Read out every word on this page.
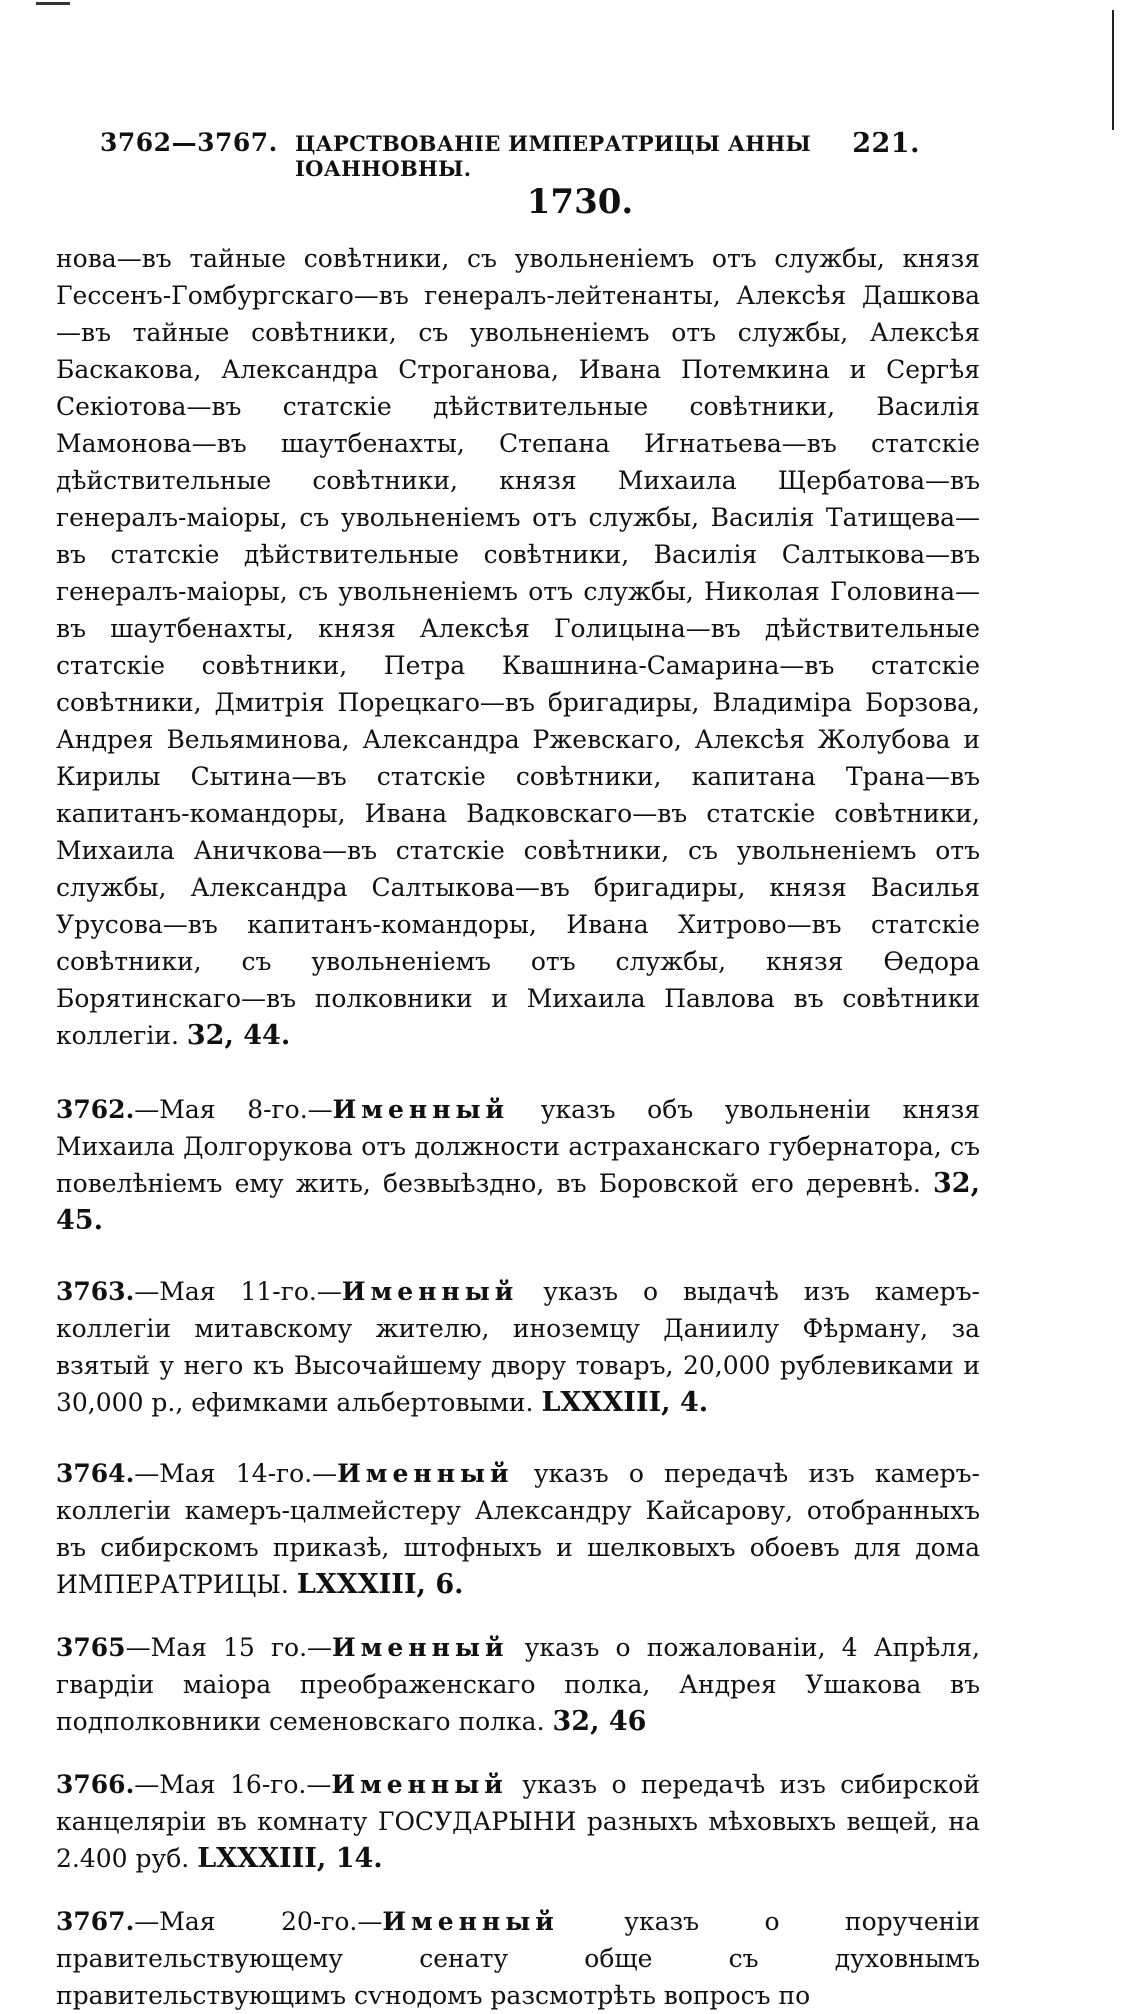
3762—3767. ЦАРСТВОВАНІЕ ИМПЕРАТРИЦЫ АННЫ ІОАННОВНЫ.
221.
1730.

нова—въ тайные совѣтники, съ увольненіемъ отъ службы, князя Гессенъ-Гомбургскаго—въ генералъ-лейтенанты, Алексѣя Дашкова—въ тайные совѣтники, съ увольненіемъ отъ службы, Алексѣя Баскакова, Александра Строганова, Ивана Потемкина и Сергѣя Секіотова—въ статскіе дѣйствительные совѣтники, Василія Мамонова—въ шаутбенахты, Степана Игнатьева—въ статскіе дѣйствительные совѣтники, князя Михаила Щербатова—въ генералъ-маіоры, съ увольненіемъ отъ службы, Василія Татищева—въ статскіе дѣйствительные совѣтники, Василія Салтыкова—въ генералъ-маіоры, съ увольненіемъ отъ службы, Николая Головина—въ шаутбенахты, князя Алексѣя Голицына—въ дѣйствительные статскіе совѣтники, Петра Квашнина-Самарина—въ статскіе совѣтники, Дмитрія Порецкаго—въ бригадиры, Владиміра Борзова, Андрея Вельяминова, Александра Ржевскаго, Алексѣя Жолубова и Кирилы Сытина—въ статскіе совѣтники, капитана Трана—въ капитанъ-командоры, Ивана Вадковскаго—въ статскіе совѣтники, Михаила Аничкова—въ статскіе совѣтники, съ увольненіемъ отъ службы, Александра Салтыкова—въ бригадиры, князя Василья Урусова—въ капитанъ-командоры, Ивана Хитрово—въ статскіе совѣтники, съ увольненіемъ отъ службы, князя Ѳедора Борятинскаго—въ полковники и Михаила Павлова въ совѣтники коллегіи. 32, 44.

3762.—Мая 8-го.—Именный указъ объ увольненіи князя Михаила Долгорукова отъ должности астраханскаго губернатора, съ повелѣніемъ ему жить, безвыѣздно, въ Боровской его деревнѣ. 32, 45.

3763.—Мая 11-го.—Именный указъ о выдачѣ изъ камеръ-коллегіи митавскому жителю, иноземцу Даниилу Фѣрману, за взятый у него къ Высочайшему двору товаръ, 20,000 рублевиками и 30,000 р., ефимками альбертовыми. LXXXIII, 4.

3764.—Мая 14-го.—Именный указъ о передачѣ изъ камеръ-коллегіи камеръ-цалмейстеру Александру Кайсарову, отобранныхъ въ сибирскомъ приказѣ, штофныхъ и шелковыхъ обоевъ для дома ИМПЕРАТРИЦЫ. LXXXIII, 6.

3765—Мая 15 го.—Именный указъ о пожалованіи, 4 Апрѣля, гвардіи маіора преображенскаго полка, Андрея Ушакова въ подполковники семеновскаго полка. 32, 46

3766.—Мая 16-го.—Именный указъ о передачѣ изъ сибирской канцеляріи въ комнату ГОСУДАРЫНИ разныхъ мѣховыхъ вещей, на 2.400 руб. LXXXIII, 14.

3767.—Мая 20-го.—Именный	указъ о порученіи правительствующему сенату обще съ духовнымъ правительствующимъ сѵнодомъ разсмотрѣть вопросъ по
